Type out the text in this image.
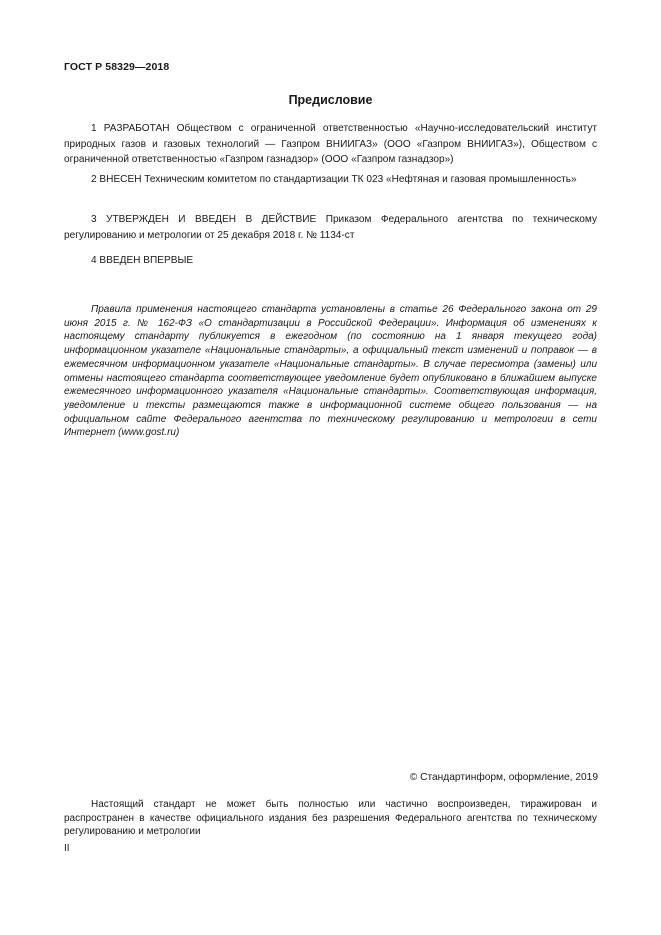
ГОСТ Р 58329—2018
Предисловие

1 РАЗРАБОТАН Обществом с ограниченной ответственностью «Научно-исследовательский институт природных газов и газовых технологий — Газпром ВНИИГАЗ» (ООО «Газпром ВНИИГАЗ»), Обществом с ограниченной ответственностью «Газпром газнадзор» (ООО «Газпром газнадзор»)

2 ВНЕСЕН Техническим комитетом по стандартизации ТК 023 «Нефтяная и газовая промышленность»

3 УТВЕРЖДЕН И ВВЕДЕН В ДЕЙСТВИЕ Приказом Федерального агентства по техническому регулированию и метрологии от 25 декабря 2018 г. № 1134-ст

4 ВВЕДЕН ВПЕРВЫЕ

Правила применения настоящего стандарта установлены в статье 26 Федерального закона от 29 июня 2015 г. № 162-ФЗ «О стандартизации в Российской Федерации». Информация об изменениях к настоящему стандарту публикуется в ежегодном (по состоянию на 1 января текущего года) информационном указателе «Национальные стандарты», а официальный текст изменений и поправок — в ежемесячном информационном указателе «Национальные стандарты». В случае пересмотра (замены) или отмены настоящего стандарта соответствующее уведомление будет опубликовано в ближайшем выпуске ежемесячного информационного указателя «Национальные стандарты». Соответствующая информация, уведомление и тексты размещаются также в информационной системе общего пользования — на официальном сайте Федерального агентства по техническому регулированию и метрологии в сети Интернет (www.gost.ru)

© Стандартинформ, оформление, 2019

Настоящий стандарт не может быть полностью или частично воспроизведен, тиражирован и распространен в качестве официального издания без разрешения Федерального агентства по техническому регулированию и метрологии

II
